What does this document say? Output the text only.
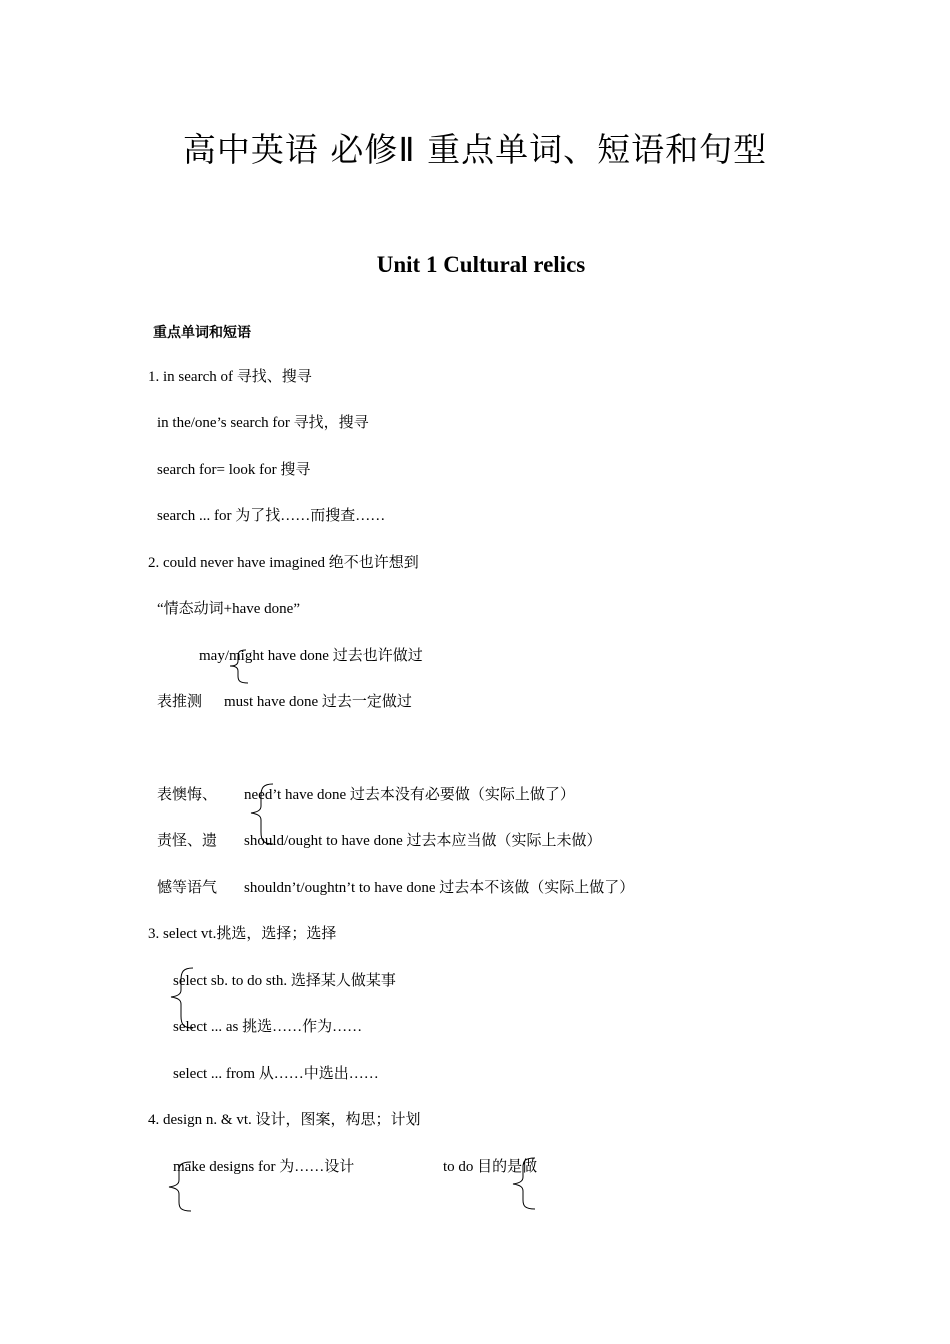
高中英语 必修Ⅱ 重点单词、短语和句型
Unit 1 Cultural relics
重点单词和短语
1. in search of 寻找、搜寻
in the/one’s search for 寻找，搜寻
search for= look for 搜寻
search ... for 为了找……而搜查……
2. could never have imagined 绝不也许想到
“情态动词+have done”
may/might have done 过去也许做过
表推测 must have done 过去一定做过
表懊悔、 need’t have done 过去本没有必要做（实际上做了）
责怪、遗 should/ought to have done 过去本应当做（实际上未做）
憾等语气 shouldn’t/oughtn’t to have done 过去本不该做（实际上做了）
3. select vt.挑选，选择；选择
select sb. to do sth. 选择某人做某事
select ... as 挑选……作为……
select ... from 从……中选出……
4. design n. & vt. 设计，图案，构思；计划
make designs for 为……设计	to do 目的是做
